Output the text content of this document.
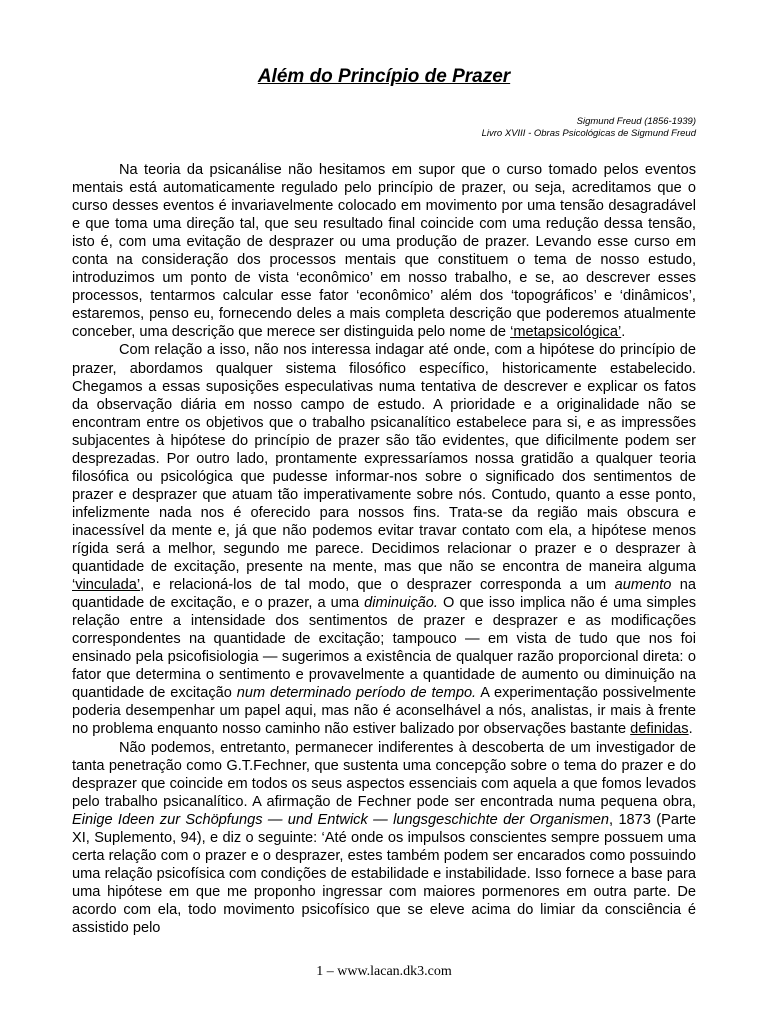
Além do Princípio de Prazer
Sigmund Freud (1856-1939)
Livro XVIII - Obras Psicológicas de Sigmund Freud

Na teoria da psicanálise não hesitamos em supor que o curso tomado pelos eventos mentais está automaticamente regulado pelo princípio de prazer, ou seja, acreditamos que o curso desses eventos é invariavelmente colocado em movimento por uma tensão desagradável e que toma uma direção tal, que seu resultado final coincide com uma redução dessa tensão, isto é, com uma evitação de desprazer ou uma produção de prazer. Levando esse curso em conta na consideração dos processos mentais que constituem o tema de nosso estudo, introduzimos um ponto de vista ‘econômico’ em nosso trabalho, e se, ao descrever esses processos, tentarmos calcular esse fator ‘econômico’ além dos ‘topográficos’ e ‘dinâmicos’, estaremos, penso eu, fornecendo deles a mais completa descrição que poderemos atualmente conceber, uma descrição que merece ser distinguida pelo nome de ‘metapsicológica’.

Com relação a isso, não nos interessa indagar até onde, com a hipótese do princípio de prazer, abordamos qualquer sistema filosófico específico, historicamente estabelecido. Chegamos a essas suposições especulativas numa tentativa de descrever e explicar os fatos da observação diária em nosso campo de estudo. A prioridade e a originalidade não se encontram entre os objetivos que o trabalho psicanalítico estabelece para si, e as impressões subjacentes à hipótese do princípio de prazer são tão evidentes, que dificilmente podem ser desprezadas. Por outro lado, prontamente expressaríamos nossa gratidão a qualquer teoria filosófica ou psicológica que pudesse informar-nos sobre o significado dos sentimentos de prazer e desprazer que atuam tão imperativamente sobre nós. Contudo, quanto a esse ponto, infelizmente nada nos é oferecido para nossos fins. Trata-se da região mais obscura e inacessível da mente e, já que não podemos evitar travar contato com ela, a hipótese menos rígida será a melhor, segundo me parece. Decidimos relacionar o prazer e o desprazer à quantidade de excitação, presente na mente, mas que não se encontra de maneira alguma ‘vinculada’, e relacioná-los de tal modo, que o desprazer corresponda a um aumento na quantidade de excitação, e o prazer, a uma diminuição. O que isso implica não é uma simples relação entre a intensidade dos sentimentos de prazer e desprazer e as modificações correspondentes na quantidade de excitação; tampouco — em vista de tudo que nos foi ensinado pela psicofisiologia — sugerimos a existência de qualquer razão proporcional direta: o fator que determina o sentimento e provavelmente a quantidade de aumento ou diminuição na quantidade de excitação num determinado período de tempo. A experimentação possivelmente poderia desempenhar um papel aqui, mas não é aconselhável a nós, analistas, ir mais à frente no problema enquanto nosso caminho não estiver balizado por observações bastante definidas.

Não podemos, entretanto, permanecer indiferentes à descoberta de um investigador de tanta penetração como G.T.Fechner, que sustenta uma concepção sobre o tema do prazer e do desprazer que coincide em todos os seus aspectos essenciais com aquela a que fomos levados pelo trabalho psicanalítico. A afirmação de Fechner pode ser encontrada numa pequena obra, Einige Ideen zur Schöpfungs — und Entwick — lungsgeschichte der Organismen, 1873 (Parte XI, Suplemento, 94), e diz o seguinte: ‘Até onde os impulsos conscientes sempre possuem uma certa relação com o prazer e o desprazer, estes também podem ser encarados como possuindo uma relação psicofísica com condições de estabilidade e instabilidade. Isso fornece a base para uma hipótese em que me proponho ingressar com maiores pormenores em outra parte. De acordo com ela, todo movimento psicofísico que se eleve acima do limiar da consciência é assistido pelo

1 – www.lacan.dk3.com
